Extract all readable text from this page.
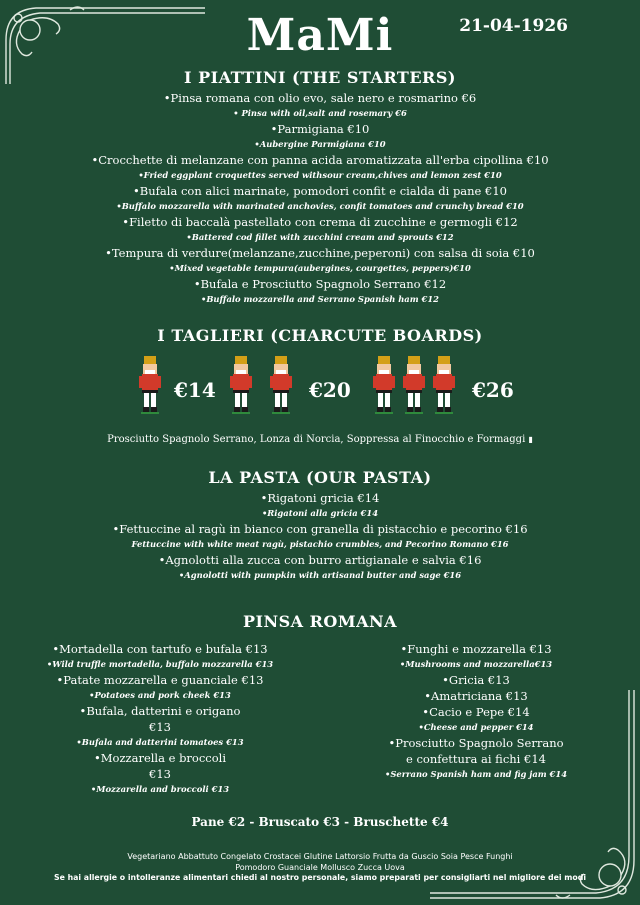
MaMi	21-04-1926
I PIATTINI (THE STARTERS)
•Pinsa romana con olio evo, sale nero e rosmarino €6
• Pinsa with oil,salt and rosemary €6
•Parmigiana €10
•Aubergine Parmigiana €10
•Crocchette di melanzane con panna acida aromatizzata all'erba cipollina €10
•Fried eggplant croquettes served withsour cream,chives and lemon zest €10
•Bufala con alici marinate, pomodori confit e cialda di pane €10
•Buffalo mozzarella with marinated anchovies, confit tomatoes and crunchy bread €10
•Filetto di baccalà pastellato con crema di zucchine e germogli €12
•Battered cod fillet with zucchini cream and sprouts €12
•Tempura di verdure(melanzane,zucchine,peperoni) con salsa di soia €10
•Mixed vegetable tempura(aubergines, courgettes, peppers)€10
•Bufala e Prosciutto Spagnolo Serrano €12
•Buffalo mozzarella and Serrano Spanish ham €12
I TAGLIERI (CHARCUTE BOARDS)
€14	€20	€26
Prosciutto Spagnolo Serrano, Lonza di Norcia, Soppressa al Finocchio e Formaggi ▮
LA PASTA (OUR PASTA)
•Rigatoni gricia €14
•Rigatoni alla gricia €14
•Fettuccine al ragù in bianco con granella di pistacchio e pecorino €16
Fettuccine with white meat ragù, pistachio crumbles, and Pecorino Romano €16
•Agnolotti alla zucca con burro artigianale e salvia €16
•Agnolotti with pumpkin with artisanal butter and sage €16
PINSA ROMANA
•Mortadella con tartufo e bufala €13
•Wild truffle mortadella, buffalo mozzarella €13
•Patate mozzarella e guanciale €13
•Potatoes and pork cheek €13
•Bufala, datterini e origano
€13
•Bufala and datterini tomatoes €13
•Mozzarella e broccoli
€13
•Mozzarella and broccoli €13
•Funghi e mozzarella €13
•Mushrooms and mozzarella€13
•Gricia €13
•Amatriciana €13
•Cacio e Pepe €14
•Cheese and pepper €14
•Prosciutto Spagnolo Serrano
e confettura ai fichi €14
•Serrano Spanish ham and fig jam €14
Pane €2 - Bruscato €3 - Bruschette €4
Vegetariano Abbattuto Congelato Crostacei Glutine Lattorsio Frutta da Guscio Soia Pesce Funghi
Pomodoro Guanciale Mollusco Zucca Uova
Se hai allergie o intolleranze alimentari chiedi al nostro personale, siamo preparati per consigliarti nel migliore dei modi
